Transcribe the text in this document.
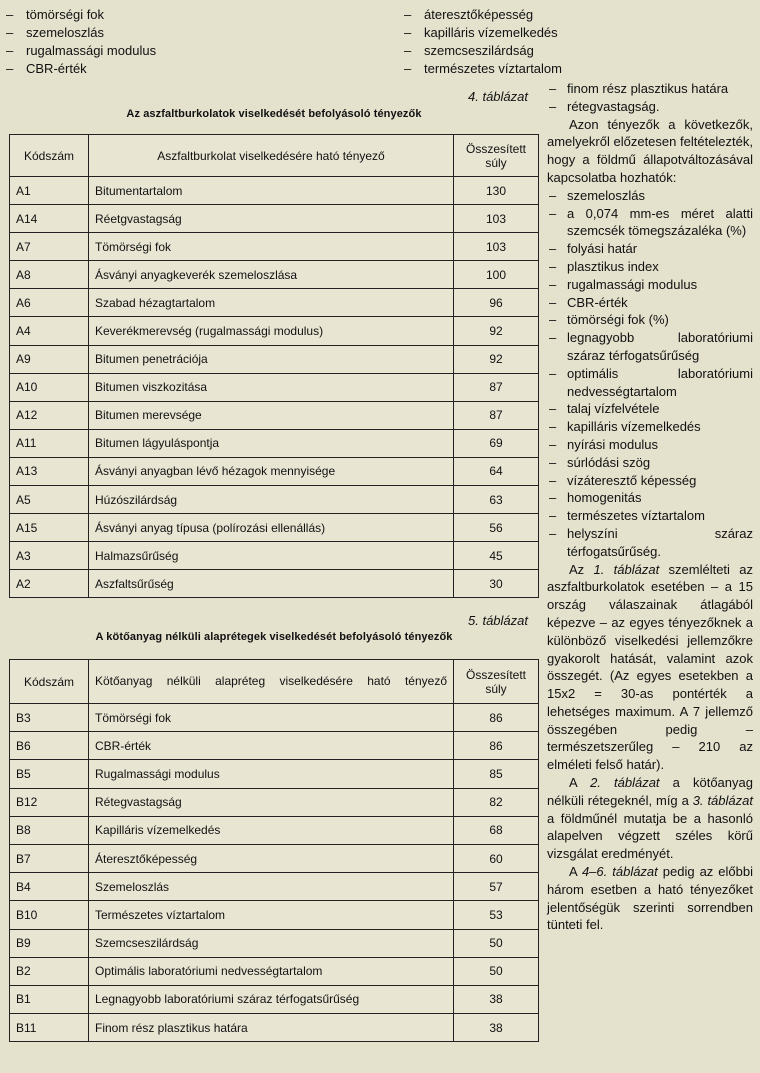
– tömörségi fok
– szemeloszlás
– rugalmassági modulus
– CBR-érték
– áteresztőképesség
– kapilláris vízemelkedés
– szemcseszilárdság
– természetes víztartalom
4. táblázat
Az aszfaltburkolatok viselkedését befolyásoló tényezők
Kódszám	Aszfaltburkolat viselkedésére ható tényező	Összesített súly
A1	Bitumentartalom	130
A14	Réetgvastagság	103
A7	Tömörségi fok	103
A8	Ásványi anyagkeverék szemeloszlása	100
A6	Szabad hézagtartalom	96
A4	Keverékmerevség (rugalmassági modulus)	92
A9	Bitumen penetrációja	92
A10	Bitumen viszkozitása	87
A12	Bitumen merevsége	87
A11	Bitumen lágyuláspontja	69
A13	Ásványi anyagban lévő hézagok mennyisége	64
A5	Húzószilárdság	63
A15	Ásványi anyag típusa (polírozási ellenállás)	56
A3	Halmazsűrűség	45
A2	Aszfaltsűrűség	30
5. táblázat
A kötőanyag nélküli alaprétegek viselkedését befolyásoló tényezők
Kódszám	Kötőanyag nélküli alapréteg viselkedésére ható tényező	Összesített súly
B3	Tömörségi fok	86
B6	CBR-érték	86
B5	Rugalmassági modulus	85
B12	Rétegvastagság	82
B8	Kapilláris vízemelkedés	68
B7	Áteresztőképesség	60
B4	Szemeloszlás	57
B10	Természetes víztartalom	53
B9	Szemcseszilárdság	50
B2	Optimális laboratóriumi nedvességtartalom	50
B1	Legnagyobb laboratóriumi száraz térfogatsűrűség	38
B11	Finom rész plasztikus határa	38
– finom rész plasztikus határa
– rétegvastagság.

Azon tényezők a következők, amelyekről előzetesen feltételezték, hogy a földmű állapotváltozásával kapcsolatba hozhatók:

– szemeloszlás
– a 0,074 mm-es méret alatti szemcsék tömegszázaléka (%)
– folyási határ
– plasztikus index
– rugalmassági modulus
– CBR-érték
– tömörségi fok (%)
– legnagyobb laboratóriumi száraz térfogatsűrűség
– optimális laboratóriumi nedvességtartalom
– talaj vízfelvétele
– kapilláris vízemelkedés
– nyírási modulus
– súrlódási szög
– vízáteresztő képesség
– homogenitás
– természetes víztartalom
– helyszíni száraz térfogatsűrűség.

Az 1. táblázat szemlélteti az aszfaltburkolatok esetében – a 15 ország válaszainak átlagából képezve – az egyes tényezőknek a különböző viselkedési jellemzőkre gyakorolt hatását, valamint azok összegét. (Az egyes esetekben a 15x2 = 30-as pontérték a lehetséges maximum. A 7 jellemző összegében pedig – természetszerűleg – 210 az elméleti felső határ).

A 2. táblázat a kötőanyag nélküli rétegeknél, míg a 3. táblázat a földműnél mutatja be a hasonló alapelven végzett széles körű vizsgálat eredményét.

A 4–6. táblázat pedig az előbbi három esetben a ható tényezőket jelentőségük szerinti sorrendben tünteti fel.
